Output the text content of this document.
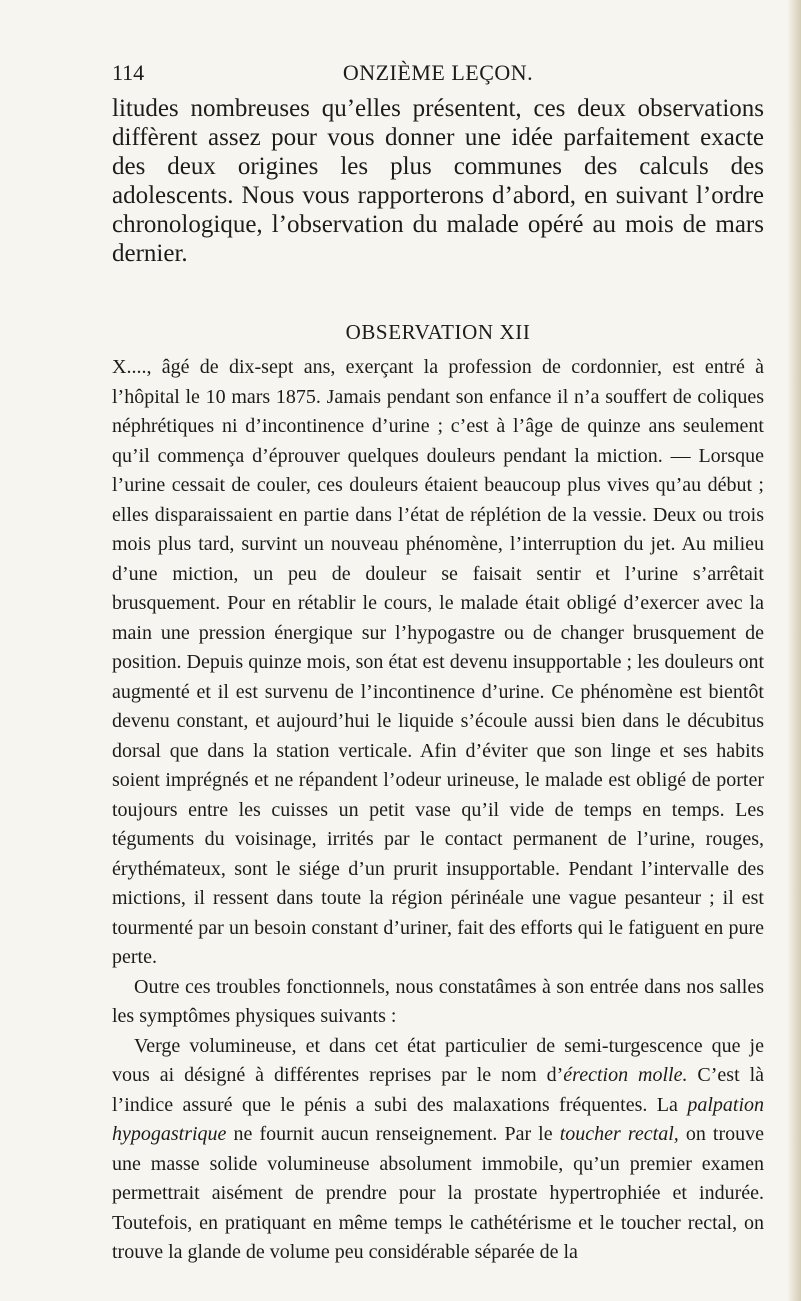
114	ONZIÈME LEÇON.

litudes nombreuses qu’elles présentent, ces deux observations diffèrent assez pour vous donner une idée parfaitement exacte des deux origines les plus communes des calculs des adolescents. Nous vous rapporterons d’abord, en suivant l’ordre chronologique, l’observation du malade opéré au mois de mars dernier.

OBSERVATION XII

X...., âgé de dix-sept ans, exerçant la profession de cordonnier, est entré à l’hôpital le 10 mars 1875. Jamais pendant son enfance il n’a souffert de coliques néphrétiques ni d’incontinence d’urine ; c’est à l’âge de quinze ans seulement qu’il commença d’éprouver quelques douleurs pendant la miction. — Lorsque l’urine cessait de couler, ces douleurs étaient beaucoup plus vives qu’au début ; elles disparaissaient en partie dans l’état de réplétion de la vessie. Deux ou trois mois plus tard, survint un nouveau phénomène, l’interruption du jet. Au milieu d’une miction, un peu de douleur se faisait sentir et l’urine s’arrêtait brusquement. Pour en rétablir le cours, le malade était obligé d’exercer avec la main une pression énergique sur l’hypogastre ou de changer brusquement de position. Depuis quinze mois, son état est devenu insupportable ; les douleurs ont augmenté et il est survenu de l’incontinence d’urine. Ce phénomène est bientôt devenu constant, et aujourd’hui le liquide s’écoule aussi bien dans le décubitus dorsal que dans la station verticale. Afin d’éviter que son linge et ses habits soient imprégnés et ne répandent l’odeur urineuse, le malade est obligé de porter toujours entre les cuisses un petit vase qu’il vide de temps en temps. Les téguments du voisinage, irrités par le contact permanent de l’urine, rouges, érythémateux, sont le siége d’un prurit insupportable. Pendant l’intervalle des mictions, il ressent dans toute la région périnéale une vague pesanteur ; il est tourmenté par un besoin constant d’uriner, fait des efforts qui le fatiguent en pure perte.

Outre ces troubles fonctionnels, nous constatâmes à son entrée dans nos salles les symptômes physiques suivants :

Verge volumineuse, et dans cet état particulier de semi-turgescence que je vous ai désigné à différentes reprises par le nom d’érection molle. C’est là l’indice assuré que le pénis a subi des malaxations fréquentes. La palpation hypogastrique ne fournit aucun renseignement. Par le toucher rectal, on trouve une masse solide volumineuse absolument immobile, qu’un premier examen permettrait aisément de prendre pour la prostate hypertrophiée et indurée. Toutefois, en pratiquant en même temps le cathétérisme et le toucher rectal, on trouve la glande de volume peu considérable séparée de la
